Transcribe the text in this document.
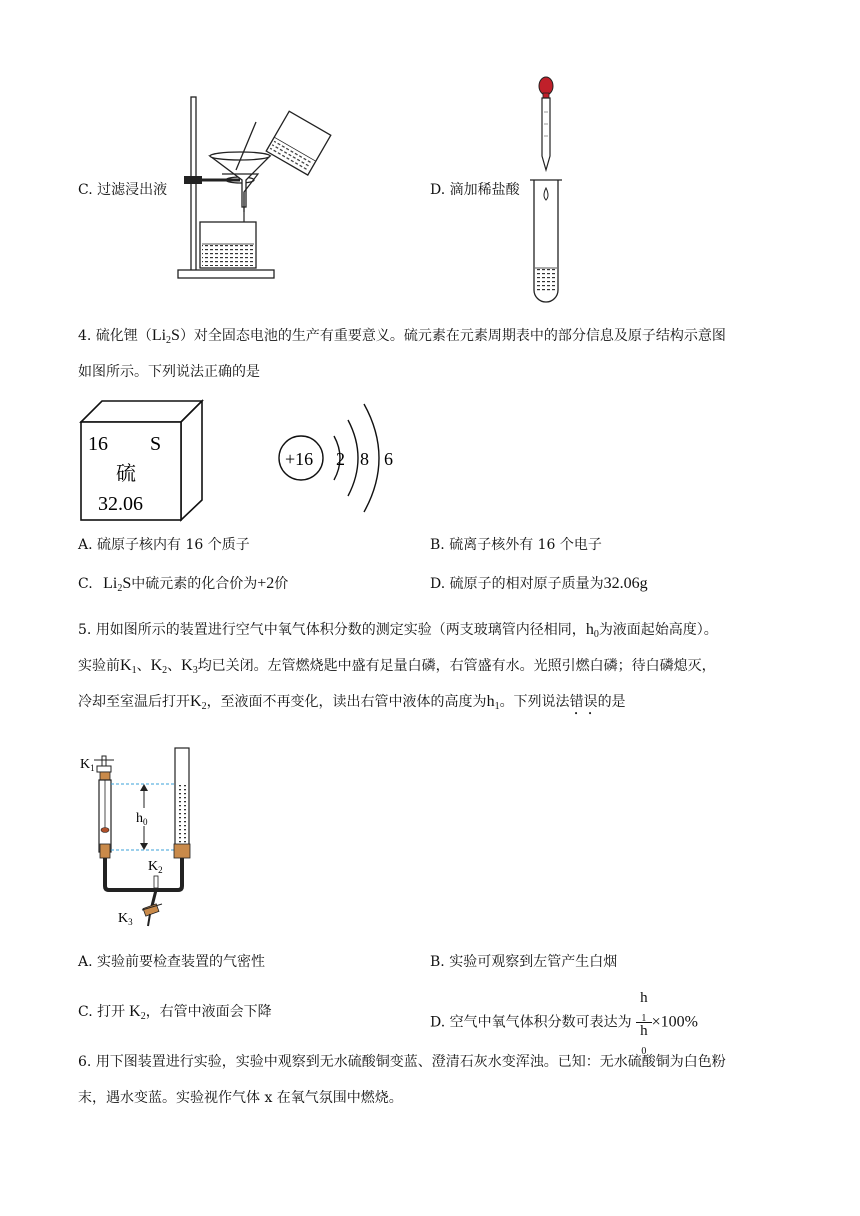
C. 过滤浸出液	D. 滴加稀盐酸
4. 硫化锂$(Li_2S)$对全固态电池的生产有重要意义。硫元素在元素周期表中的部分信息及原子结构示意图
如图所示。下列说法正确的是
16 S
硫
32.06
+16 2 8 6
A. 硫原子核内有 16 个质子	B. 硫离子核外有 16 个电子
C. $Li_2S$中硫元素的化合价为+2价	D. 硫原子的相对原子质量为32.06g
5. 用如图所示的装置进行空气中氧气体积分数的测定实验（两支玻璃管内径相同，$h_0$为液面起始高度）。
实验前$K_1$、$K_2$、$K_3$均已关闭。左管燃烧匙中盛有足量白磷，右管盛有水。光照引燃白磷；待白磷熄灭，
冷却至室温后打开$K_2$，至液面不再变化，读出右管中液体的高度为$h_1$。下列说法错误的是
$K_1$
$h_0$
$K_2$
$K_3$
A. 实验前要检查装置的气密性	B. 实验可观察到左管产生白烟
C. 打开 $K_2$，右管中液面会下降
D. 空气中氧气体积分数可表达为 h
$_1$
h
$_0$ ×100%
6. 用下图装置进行实验，实验中观察到无水硫酸铜变蓝、澄清石灰水变浑浊。已知：无水硫酸铜为白色粉
末，遇水变蓝。实验视作气体 x 在氧气氛围中燃烧。
